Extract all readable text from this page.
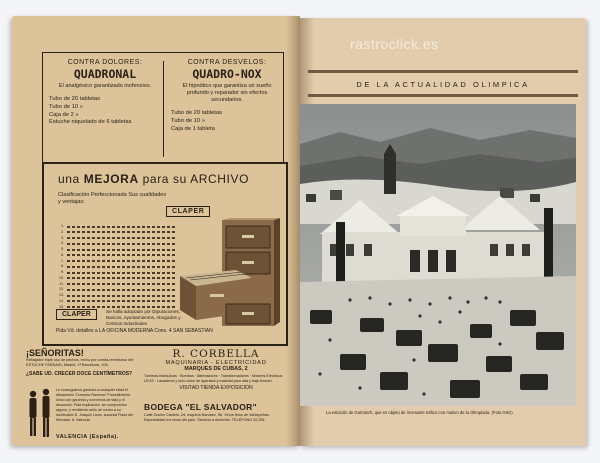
CONTRA DOLORES:
QUADRONAL
El analgésico garantizado inofensivo.
Tubo de 20 tabletas
Tubo de 10 »
Caja de 2 »
Estuche niquelado de 6 tabletas
CONTRA DESVELOS:
QUADRO-NOX
El hipnótico que garantiza un sueño profundo y reparador sin efectos secundarios.
Tubo de 20 tabletas
Tubo de 10 »
Caja de 1 tableta
una MEJORA para su ARCHIVO
Clasificación Perfeccionada Sus cualidades y ventajas:
CLAPER
1.
2.
3.
4.
5.
6.
7.
8.
9.
10.
11.
12.
13.
14.
15.
CLAPER	Se halla adoptado por Diputaciones, Bancos, Ayuntamientos, Abogados y Centros Industriales
Pida Vd. detalles a LA OFICINA MODERNA Cons. 4 SAN SEBASTIAN
¡SEÑORITAS!
Rebajador triple uso de pechos, envío por contra-reembolso del ESTUCHE FARDAIN, Madrid, 1ª Barcelona, 106.
¿SABE UD. CRECER DOCE CENTÍMETROS?
Le conseguimos garantía a cualquier edad el eficacísimo 'Crecedor Raciona!' Procedimiento único con garantía y convenios de talla y el desarrollo. Pida explicación, sin compromiso alguno, y remitiendo sello de correo a su distribuidor D. Joaquín Llorio, sucursal Plaza del Mercado, 8, Valencia.
VALENCIA (España).
R. CORBELLA
MAQUINARIA - ELECTRICIDAD
MARQUES DE CUBAS, 2
Turbinas hidráulicas · Bombas · Alternadores · Transformadores · Motores Eléctricos LEGS · Lavaderos y todo clase de aparatos y material para alta y baja tensión.
VISITAD TIENDA EXPOSICION
BODEGA "EL SALVADOR"
Calle Doctor Castelo, 24, esquina Narváez, 56. Vinos finos de Valdepeñas. Especialidad en vinos del país. Servicio a domicilio. TELÉFONO 52.551.
rastroclick.es
DE LA ACTUALIDAD OLIMPICA
La estación de Garmisch, que es objeto de incesante tráfico con motivo de la Olimpíada. (Foto Ortiz)
